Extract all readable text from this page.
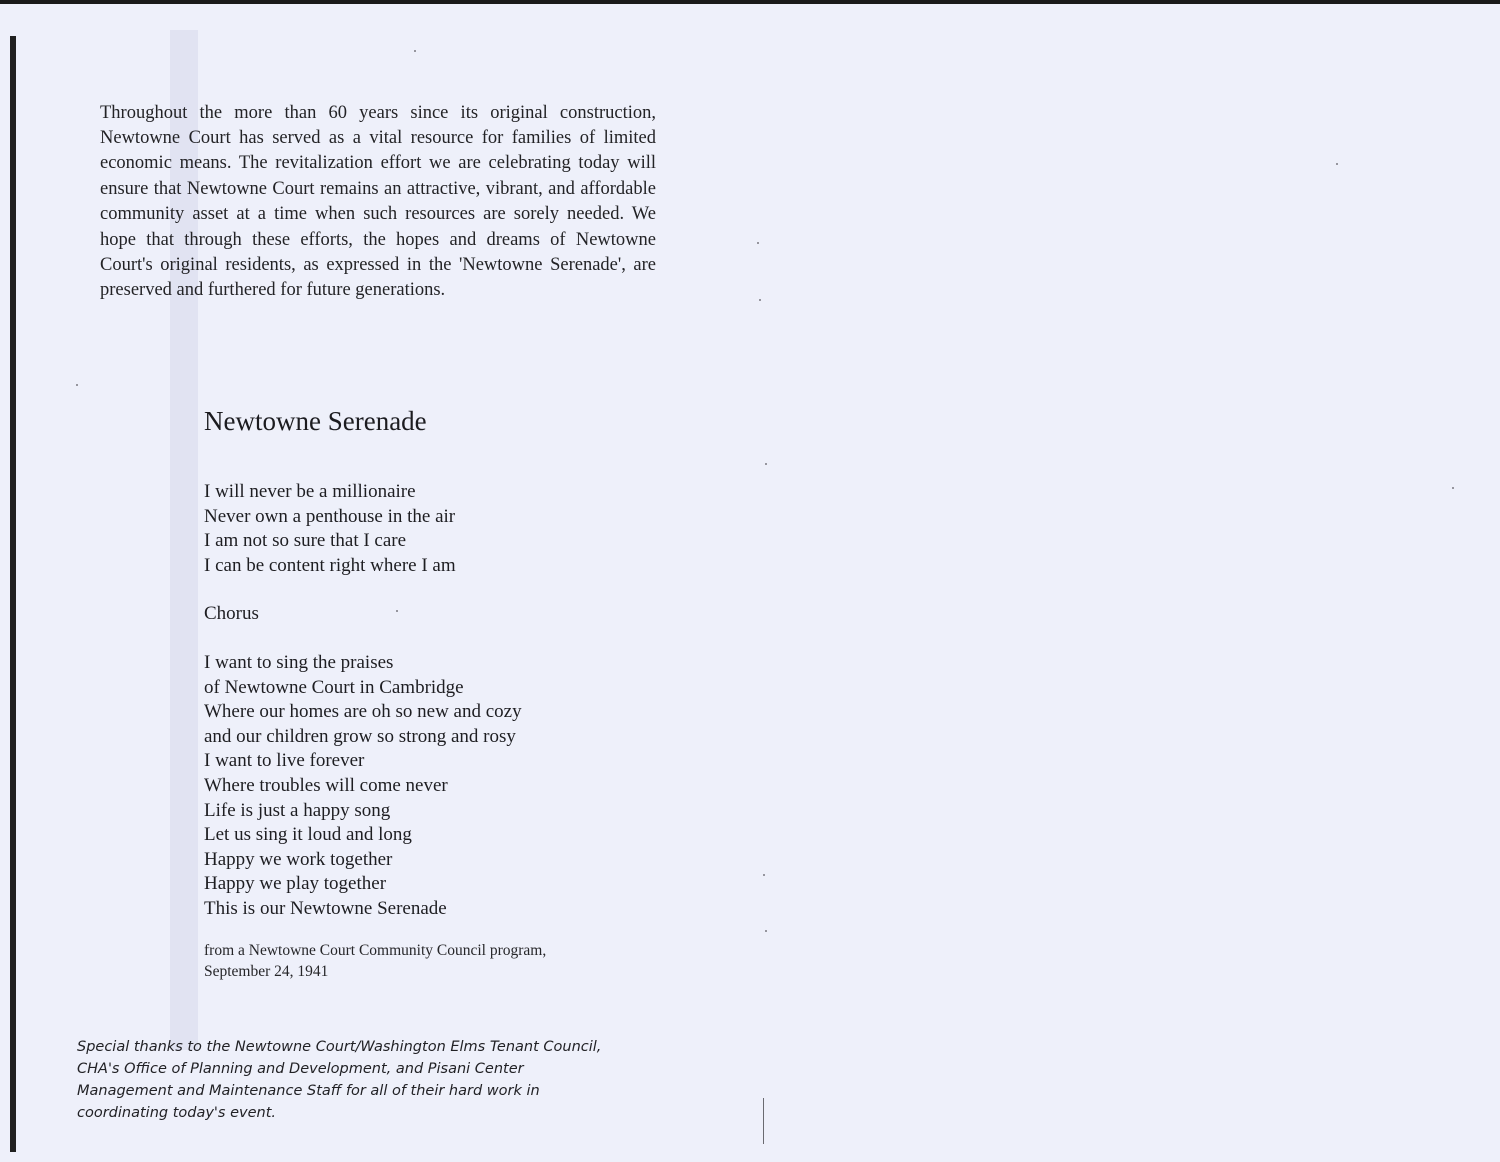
Throughout the more than 60 years since its original construction, Newtowne Court has served as a vital resource for families of limited economic means. The revitalization effort we are celebrating today will ensure that Newtowne Court remains an attractive, vibrant, and affordable community asset at a time when such resources are sorely needed. We hope that through these efforts, the hopes and dreams of Newtowne Court's original residents, as expressed in the 'Newtowne Serenade', are preserved and furthered for future generations.

Newtowne Serenade
I will never be a millionaire
Never own a penthouse in the air
I am not so sure that I care
I can be content right where I am
Chorus
I want to sing the praises
of Newtowne Court in Cambridge
Where our homes are oh so new and cozy
and our children grow so strong and rosy
I want to live forever
Where troubles will come never
Life is just a happy song
Let us sing it loud and long
Happy we work together
Happy we play together
This is our Newtowne Serenade
from a Newtowne Court Community Council program,
September 24, 1941
Special thanks to the Newtowne Court/Washington Elms Tenant Council,
CHA's Office of Planning and Development, and Pisani Center
Management and Maintenance Staff for all of their hard work in
coordinating today's event.
